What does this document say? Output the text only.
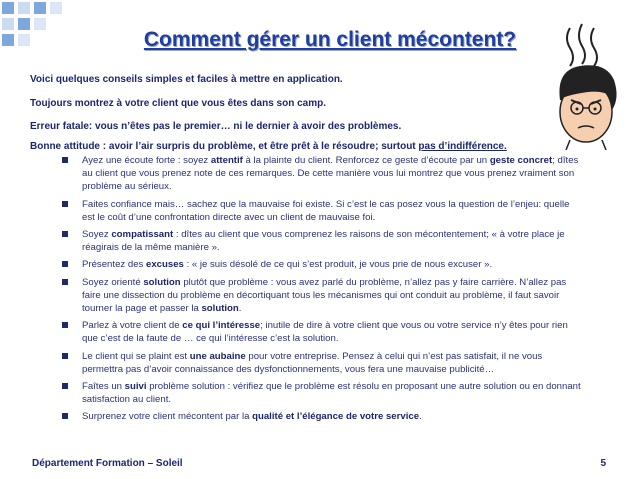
Comment gérer un client mécontent?
Voici quelques conseils simples et faciles à mettre en application.
Toujours montrez à votre client que vous êtes dans son camp.
Erreur fatale: vous n’êtes pas le premier… ni le dernier à avoir des problèmes.
Bonne attitude : avoir l’air surpris du problème, et être prêt à le résoudre; surtout pas d’indifférence.
Ayez une écoute forte : soyez attentif à la plainte du client. Renforcez ce geste d’écoute par un geste concret; dîtes au client que vous prenez note de ces remarques. De cette manière vous lui montrez que vous prenez vraiment son problème au sérieux.
Faites confiance mais… sachez que la mauvaise foi existe. Si c’est le cas posez vous la question de l’enjeu: quelle est le coût d’une confrontation directe avec un client de mauvaise foi.
Soyez compatissant : dîtes au client que vous comprenez les raisons de son mécontentement; « à votre place je réagirais de la même manière ».
Présentez des excuses : « je suis désolé de ce qui s’est produit, je vous prie de nous excuser ».
Soyez orienté solution plutôt que problème : vous avez parlé du problème, n’allez pas y faire carrière. N’allez pas faire une dissection du problème en décortiquant tous les mécanismes qui ont conduit au problème, il faut savoir tourner la page et passer la solution.
Parlez à votre client de ce qui l’intéresse; inutile de dire à votre client que vous ou votre service n’y êtes pour rien que c’est de la faute de … ce qui l’intéresse c’est la solution.
Le client qui se plaint est une aubaine pour votre entreprise. Pensez à celui qui n’est pas satisfait, il ne vous permettra pas d’avoir connaissance des dysfonctionnements, vous fera une mauvaise publicité…
Faîtes un suivi problème solution : vérifiez que le problème est résolu en proposant une autre solution ou en donnant satisfaction au client.
Surprenez votre client mécontent par la qualité et l’élégance de votre service.
Département Formation – Soleil	5
